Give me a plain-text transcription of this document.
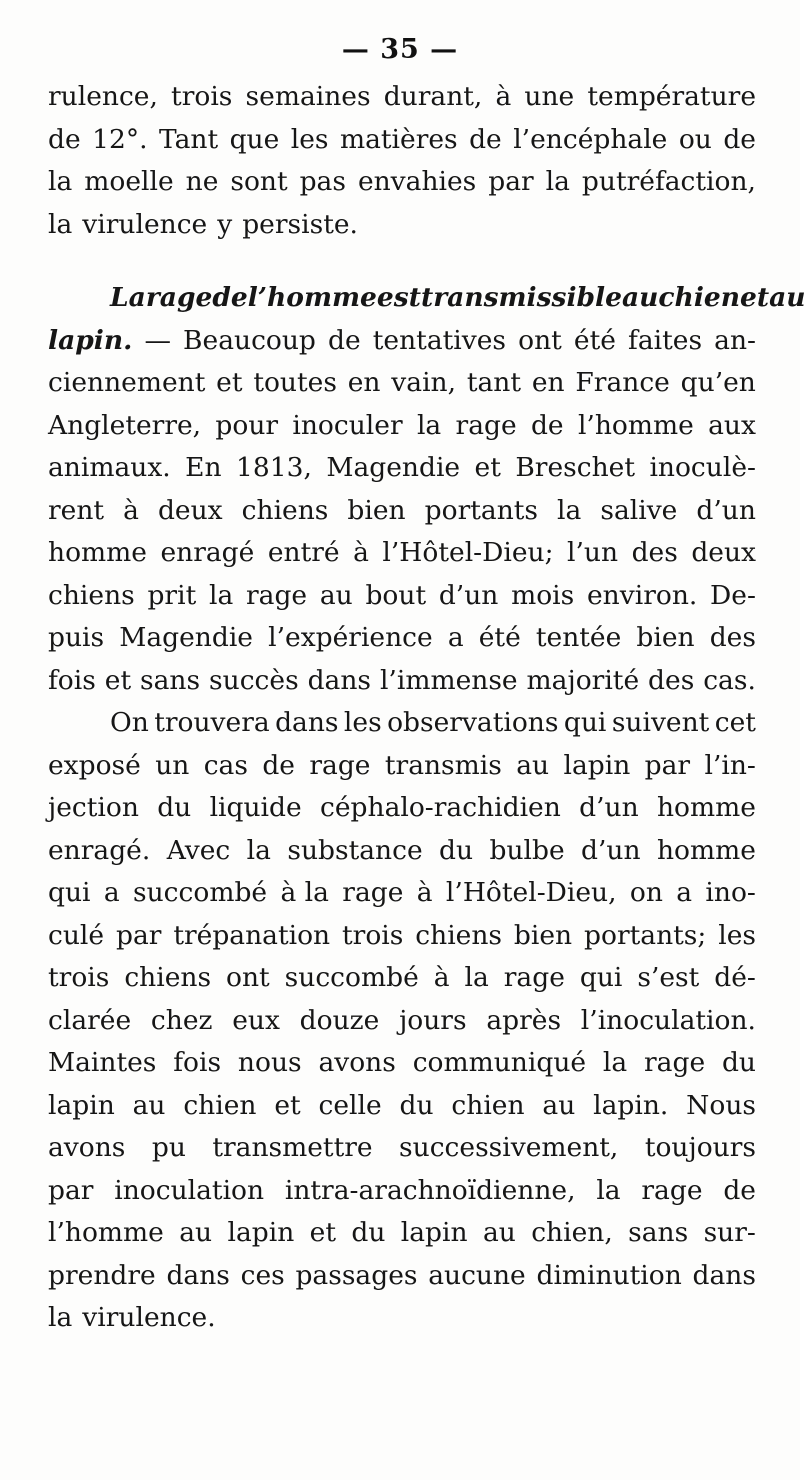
— 35 —
rulence, trois semaines durant, à une température
de 12°. Tant que les matières de l’encéphale ou de
la moelle ne sont pas envahies par la putréfaction,
la virulence y persiste.
La rage de l’homme est transmissible au chien et au
lapin. — Beaucoup de tentatives ont été faites an-
ciennement et toutes en vain, tant en France qu’en
Angleterre, pour inoculer la rage de l’homme aux
animaux. En 1813, Magendie et Breschet inoculè-
rent à deux chiens bien portants la salive d’un
homme enragé entré à l’Hôtel-Dieu; l’un des deux
chiens prit la rage au bout d’un mois environ. De-
puis Magendie l’expérience a été tentée bien des
fois et sans succès dans l’immense majorité des cas.
On trouvera dans les observations qui suivent cet
exposé un cas de rage transmis au lapin par l’in-
jection du liquide céphalo-rachidien d’un homme
enragé. Avec la substance du bulbe d’un homme
qui a succombé à la rage à l’Hôtel-Dieu, on a ino-
culé par trépanation trois chiens bien portants; les
trois chiens ont succombé à la rage qui s’est dé-
clarée chez eux douze jours après l’inoculation.
Maintes fois nous avons communiqué la rage du
lapin au chien et celle du chien au lapin. Nous
avons pu transmettre successivement, toujours
par inoculation intra-arachnoïdienne, la rage de
l’homme au lapin et du lapin au chien, sans sur-
prendre dans ces passages aucune diminution dans
la virulence.
